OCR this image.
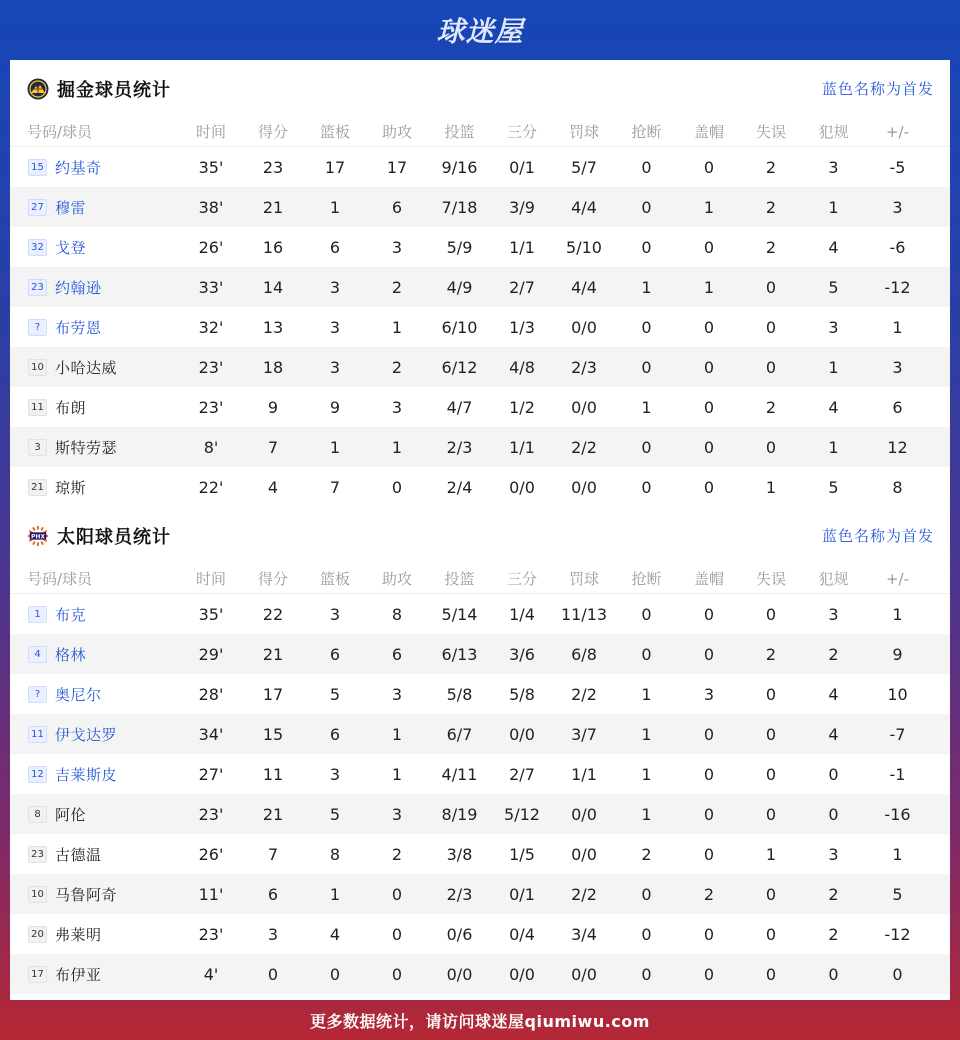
球迷屋
掘金球员统计	蓝色名称为首发
号码/球员	时间	得分	篮板	助攻	投篮	三分	罚球	抢断	盖帽	失误	犯规	+/-
15 约基奇	35'	23	17	17	9/16	0/1	5/7	0	0	2	3	-5
27 穆雷	38'	21	1	6	7/18	3/9	4/4	0	1	2	1	3
32 戈登	26'	16	6	3	5/9	1/1	5/10	0	0	2	4	-6
23 约翰逊	33'	14	3	2	4/9	2/7	4/4	1	1	0	5	-12
? 布劳恩	32'	13	3	1	6/10	1/3	0/0	0	0	0	3	1
10 小哈达威	23'	18	3	2	6/12	4/8	2/3	0	0	0	1	3
11 布朗	23'	9	9	3	4/7	1/2	0/0	1	0	2	4	6
3 斯特劳瑟	8'	7	1	1	2/3	1/1	2/2	0	0	0	1	12
21 琼斯	22'	4	7	0	2/4	0/0	0/0	0	0	1	5	8
PHX 太阳球员统计	蓝色名称为首发
号码/球员	时间	得分	篮板	助攻	投篮	三分	罚球	抢断	盖帽	失误	犯规	+/-
1 布克	35'	22	3	8	5/14	1/4	11/13	0	0	0	3	1
4 格林	29'	21	6	6	6/13	3/6	6/8	0	0	2	2	9
? 奥尼尔	28'	17	5	3	5/8	5/8	2/2	1	3	0	4	10
11 伊戈达罗	34'	15	6	1	6/7	0/0	3/7	1	0	0	4	-7
12 吉莱斯皮	27'	11	3	1	4/11	2/7	1/1	1	0	0	0	-1
8 阿伦	23'	21	5	3	8/19	5/12	0/0	1	0	0	0	-16
23 古德温	26'	7	8	2	3/8	1/5	0/0	2	0	1	3	1
10 马鲁阿奇	11'	6	1	0	2/3	0/1	2/2	0	2	0	2	5
20 弗莱明	23'	3	4	0	0/6	0/4	3/4	0	0	0	2	-12
17 布伊亚	4'	0	0	0	0/0	0/0	0/0	0	0	0	0	0
更多数据统计，请访问球迷屋qiumiwu.com
